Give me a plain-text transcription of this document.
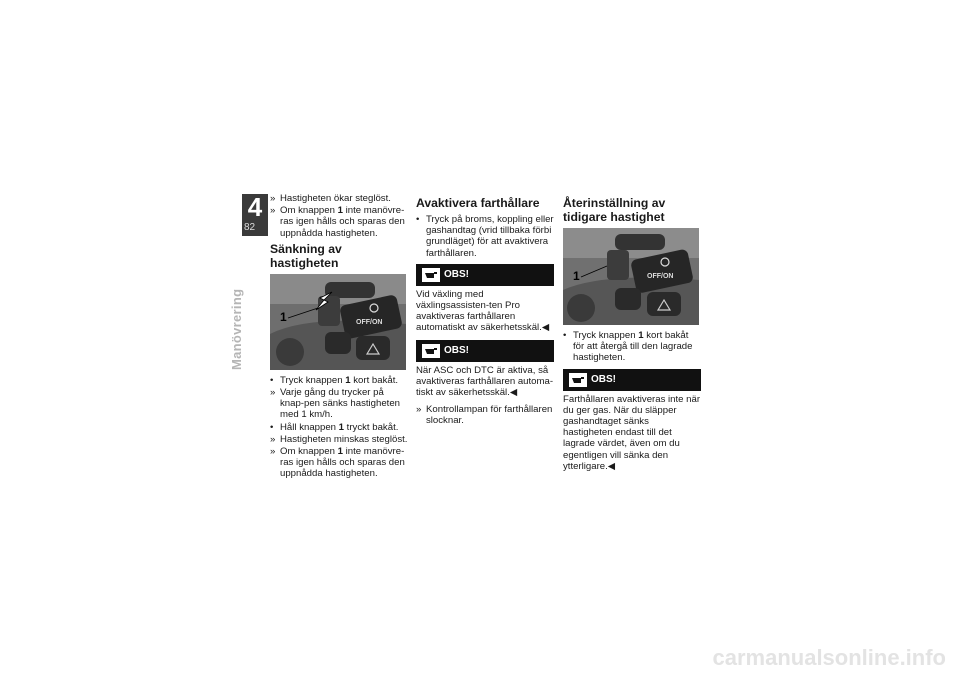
4
82
Manövrering
» Hastigheten ökar steglöst.
» Om knappen 1 inte manövre-ras igen hålls och sparas den uppnådda hastigheten.
Sänkning av hastigheten
OFF/ON
1
• Tryck knappen 1 kort bakåt.
» Varje gång du trycker på knap-pen sänks hastigheten med 1 km/h.
• Håll knappen 1 tryckt bakåt.
» Hastigheten minskas steglöst.
» Om knappen 1 inte manövre-ras igen hålls och sparas den uppnådda hastigheten.
Avaktivera farthållare
• Tryck på broms, koppling eller gashandtag (vrid tillbaka förbi grundläget) för att avaktivera farthållaren.
OBS!

Vid växling med växlingsassisten-ten Pro avaktiveras farthållaren automatiskt av säkerhetsskäl.◀

OBS!

När ASC och DTC är aktiva, så avaktiveras farthållaren automa-tiskt av säkerhetsskäl.◀

» Kontrollampan för farthållaren slocknar.
Återinställning av tidigare hastighet
OFF/ON
1
• Tryck knappen 1 kort bakåt för att återgå till den lagrade hastigheten.
OBS!

Farthållaren avaktiveras inte när du ger gas. När du släpper gashandtaget sänks hastigheten endast till det lagrade värdet, även om du egentligen vill sänka den ytterligare.◀

carmanualsonline.info
